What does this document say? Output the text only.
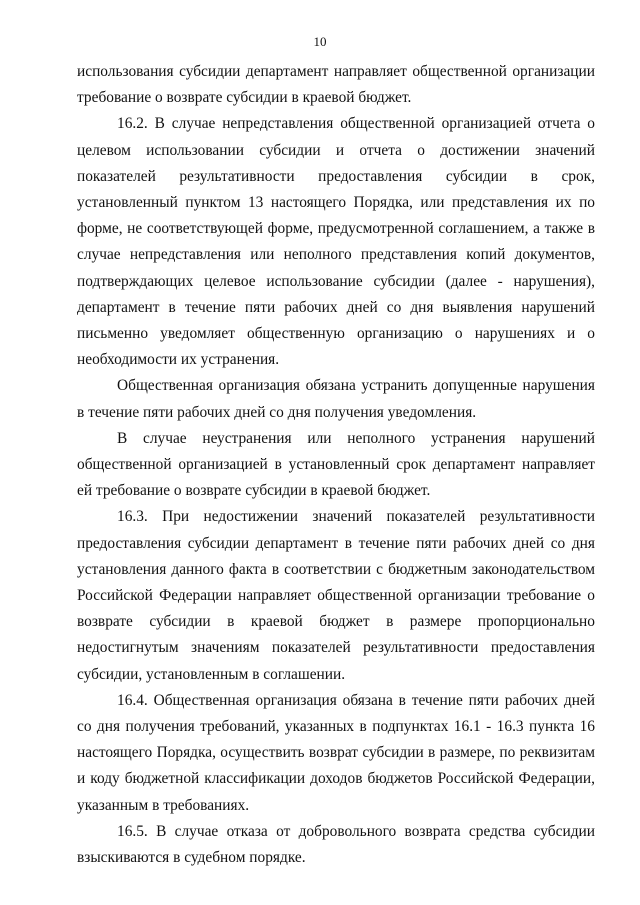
10

использования субсидии департамент направляет общественной организации требование о возврате субсидии в краевой бюджет.

16.2. В случае непредставления общественной организацией отчета о целевом использовании субсидии и отчета о достижении значений показателей результативности предоставления субсидии в срок, установленный пунктом 13 настоящего Порядка, или представления их по форме, не соответствующей форме, предусмотренной соглашением, а также в случае непредставления или неполного представления копий документов, подтверждающих целевое использование субсидии (далее - нарушения), департамент в течение пяти рабочих дней со дня выявления нарушений письменно уведомляет общественную организацию о нарушениях и о необходимости их устранения.

Общественная организация обязана устранить допущенные нарушения в течение пяти рабочих дней со дня получения уведомления.

В случае неустранения или неполного устранения нарушений общественной организацией в установленный срок департамент направляет ей требование о возврате субсидии в краевой бюджет.

16.3. При недостижении значений показателей результативности предоставления субсидии департамент в течение пяти рабочих дней со дня установления данного факта в соответствии с бюджетным законодательством Российской Федерации направляет общественной организации требование о возврате субсидии в краевой бюджет в размере пропорционально недостигнутым значениям показателей результативности предоставления субсидии, установленным в соглашении.

16.4. Общественная организация обязана в течение пяти рабочих дней со дня получения требований, указанных в подпунктах 16.1 - 16.3 пункта 16 настоящего Порядка, осуществить возврат субсидии в размере, по реквизитам и коду бюджетной классификации доходов бюджетов Российской Федерации, указанным в требованиях.

16.5. В случае отказа от добровольного возврата средства субсидии взыскиваются в судебном порядке.
